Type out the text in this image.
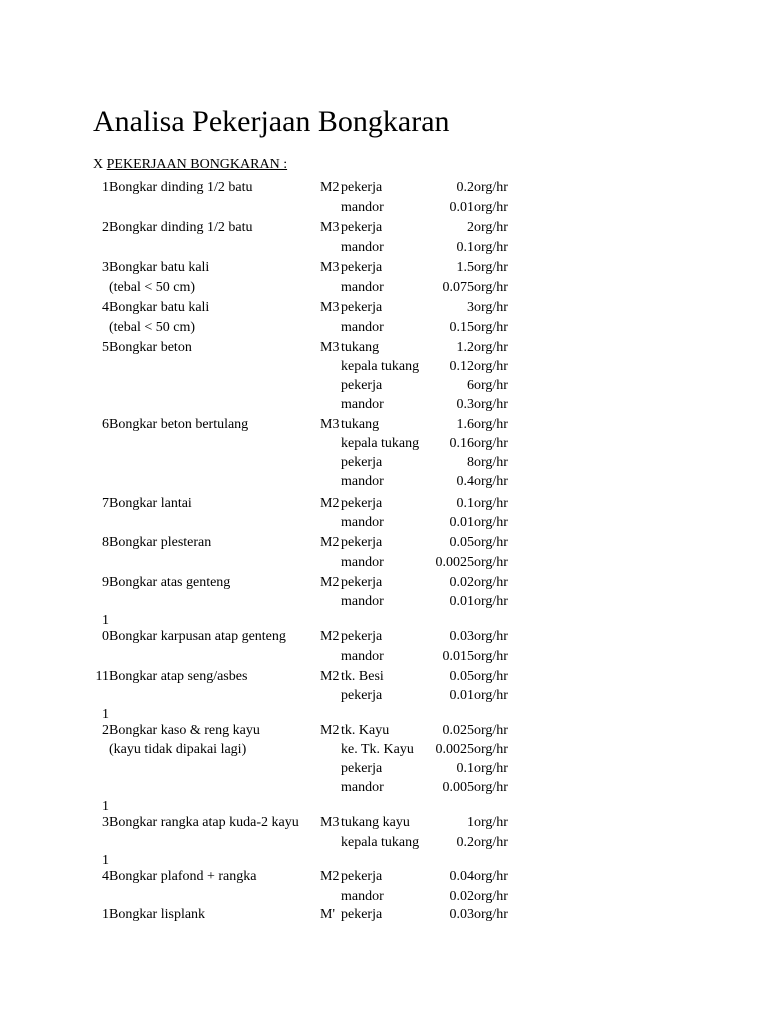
Analisa Pekerjaan Bongkaran
X PEKERJAAN BONGKARAN :
1 Bongkar dinding 1/2 batu	M2 pekerja	0.2 org/hr
mandor	0.01 org/hr
2 Bongkar dinding 1/2 batu	M3 pekerja	2 org/hr
mandor	0.1 org/hr
3 Bongkar batu kali	M3 pekerja	1.5 org/hr
(tebal < 50 cm)	mandor	0.075 org/hr
4 Bongkar batu kali	M3 pekerja	3 org/hr
(tebal < 50 cm)	mandor	0.15 org/hr
5 Bongkar beton	M3 tukang	1.2 org/hr
kepala tukang	0.12 org/hr
pekerja	6 org/hr
mandor	0.3 org/hr
6 Bongkar beton bertulang	M3 tukang	1.6 org/hr
kepala tukang	0.16 org/hr
pekerja	8 org/hr
mandor	0.4 org/hr
7 Bongkar lantai	M2 pekerja	0.1 org/hr
mandor	0.01 org/hr
8 Bongkar plesteran	M2 pekerja	0.05 org/hr
mandor	0.0025 org/hr
9 Bongkar atas genteng	M2 pekerja	0.02 org/hr
mandor	0.01 org/hr
1
0 Bongkar karpusan atap genteng M2 pekerja	0.03 org/hr
mandor	0.015 org/hr
11 Bongkar atap seng/asbes	M2 tk. Besi	0.05 org/hr
pekerja	0.01 org/hr
1
2 Bongkar kaso & reng kayu	M2 tk. Kayu	0.025 org/hr
(kayu tidak dipakai lagi)	ke. Tk. Kayu	0.0025 org/hr
pekerja	0.1 org/hr
mandor	0.005 org/hr
1
3 Bongkar rangka atap kuda-2 kayu M3 tukang kayu	1 org/hr
kepala tukang	0.2 org/hr
1
4 Bongkar plafond + rangka	M2 pekerja	0.04 org/hr
mandor	0.02 org/hr
1 Bongkar lisplank	M' pekerja	0.03 org/hr
